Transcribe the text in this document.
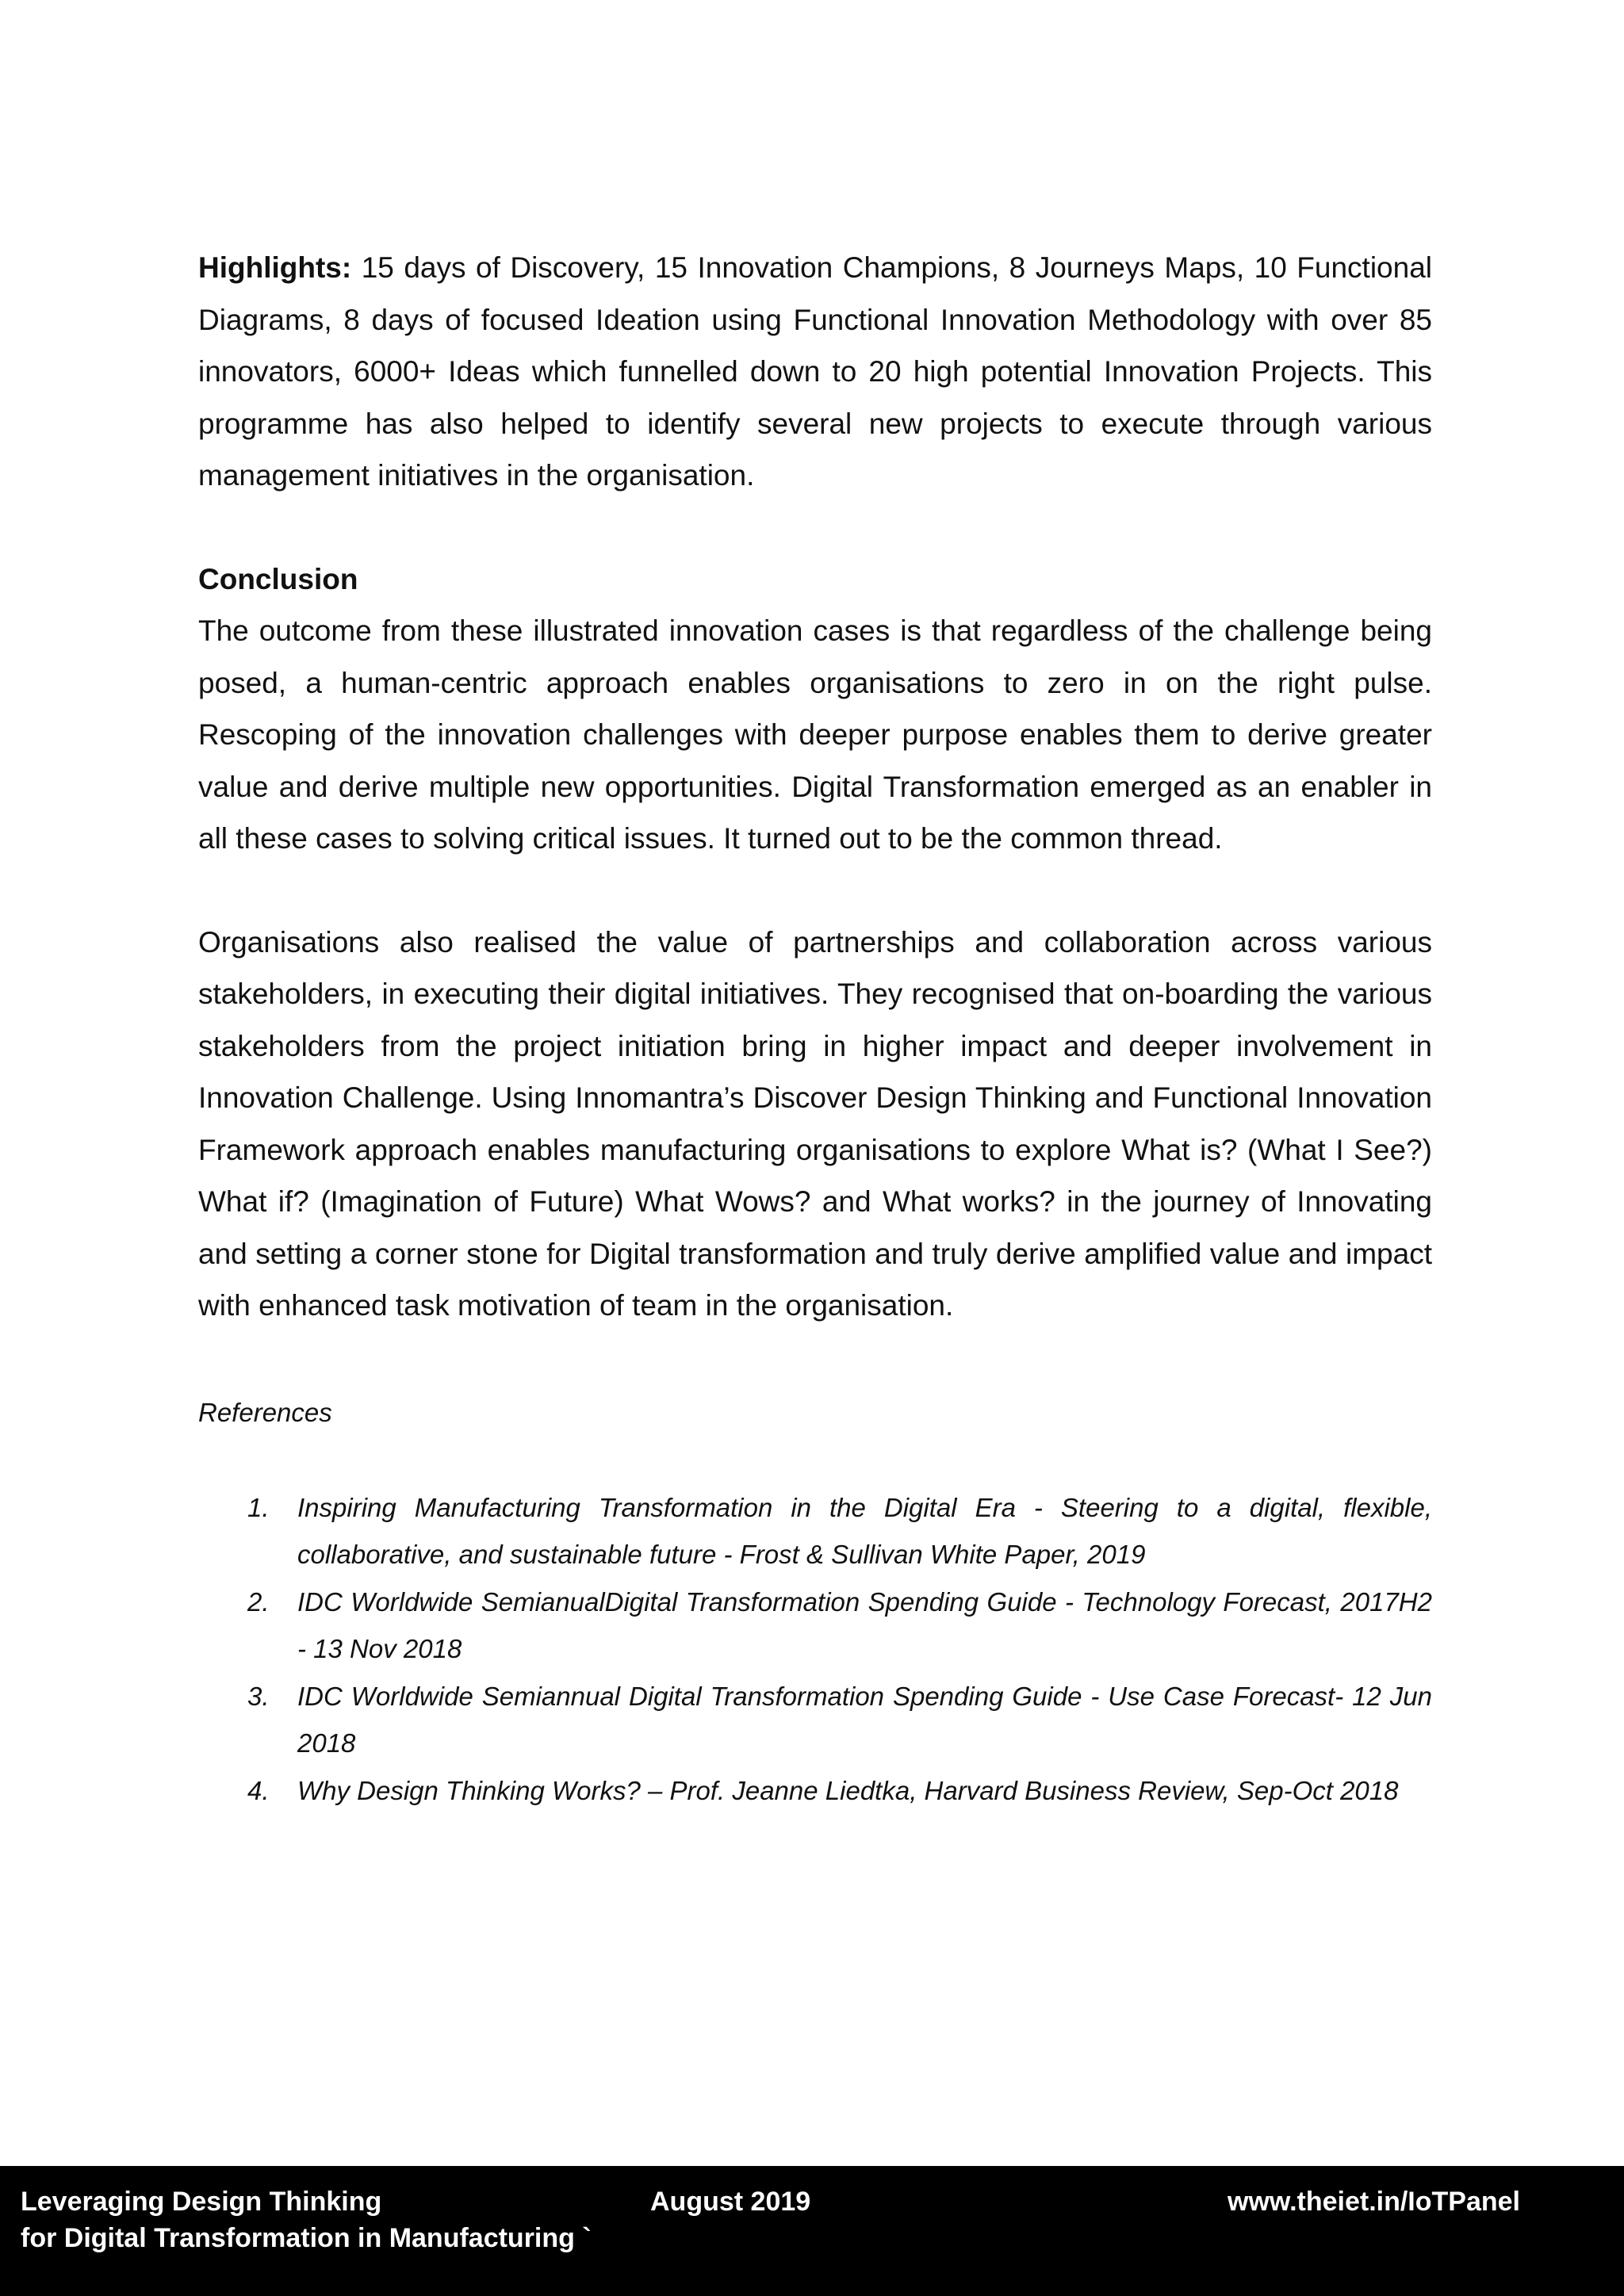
Highlights: 15 days of Discovery, 15 Innovation Champions, 8 Journeys Maps, 10 Functional Diagrams, 8 days of focused Ideation using Functional Innovation Methodology with over 85 innovators, 6000+ Ideas which funnelled down to 20 high potential Innovation Projects. This programme has also helped to identify several new projects to execute through various management initiatives in the organisation.

Conclusion

The outcome from these illustrated innovation cases is that regardless of the challenge being posed, a human-centric approach enables organisations to zero in on the right pulse. Rescoping of the innovation challenges with deeper purpose enables them to derive greater value and derive multiple new opportunities. Digital Transformation emerged as an enabler in all these cases to solving critical issues. It turned out to be the common thread.

Organisations also realised the value of partnerships and collaboration across various stakeholders, in executing their digital initiatives. They recognised that on-boarding the various stakeholders from the project initiation bring in higher impact and deeper involvement in Innovation Challenge. Using Innomantra’s Discover Design Thinking and Functional Innovation Framework approach enables manufacturing organisations to explore What is? (What I See?) What if? (Imagination of Future) What Wows? and What works? in the journey of Innovating and setting a corner stone for Digital transformation and truly derive amplified value and impact with enhanced task motivation of team in the organisation.

References

1. Inspiring Manufacturing Transformation in the Digital Era - Steering to a digital, flexible, collaborative, and sustainable future - Frost & Sullivan White Paper, 2019
2. IDC Worldwide SemianualDigital Transformation Spending Guide - Technology Forecast, 2017H2 - 13 Nov 2018
3. IDC Worldwide Semiannual Digital Transformation Spending Guide - Use Case Forecast- 12 Jun 2018
4. Why Design Thinking Works? – Prof. Jeanne Liedtka, Harvard Business Review, Sep-Oct 2018
Leveraging Design Thinking
for Digital Transformation in Manufacturing `
August 2019	www.theiet.in/IoTPanel
